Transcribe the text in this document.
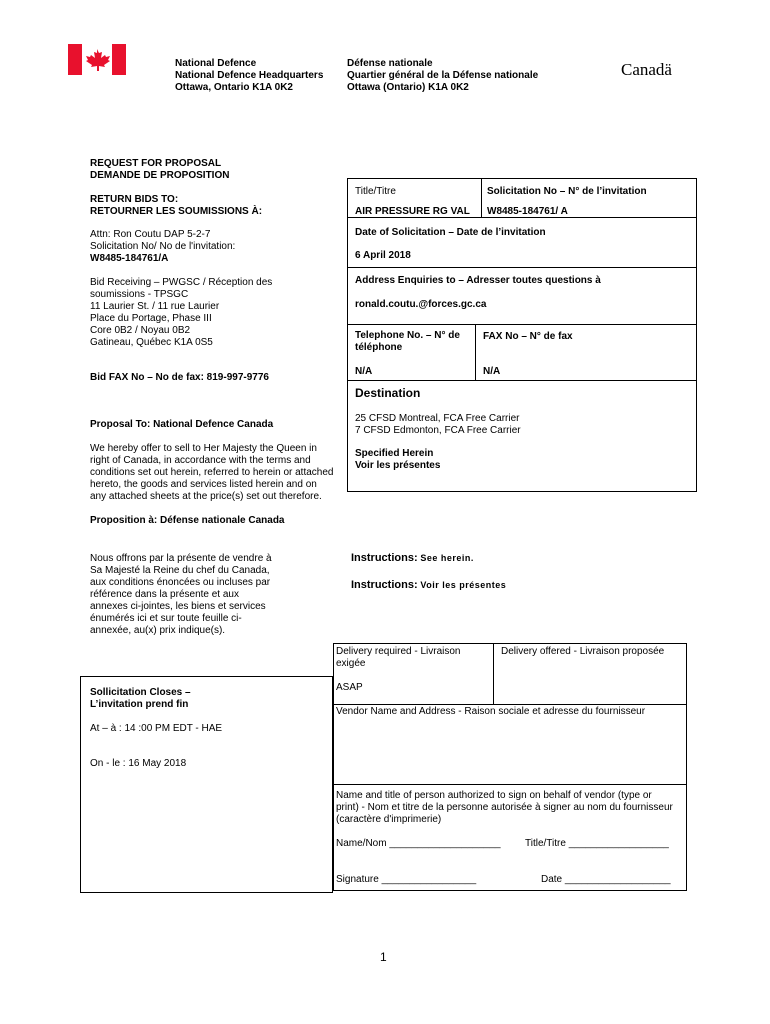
National Defence
National Defence Headquarters
Ottawa, Ontario K1A 0K2
Défense nationale
Quartier général de la Défense nationale
Ottawa (Ontario) K1A 0K2
Canadä
REQUEST FOR PROPOSAL
DEMANDE DE PROPOSITION
RETURN BIDS TO:
RETOURNER LES SOUMISSIONS À:
Attn: Ron Coutu DAP 5-2-7
Solicitation No/ No de l'invitation:
W8485-184761/A
Bid Receiving – PWGSC / Réception des
soumissions - TPSGC
11 Laurier St. / 11 rue Laurier
Place du Portage, Phase III
Core 0B2 / Noyau 0B2
Gatineau, Québec K1A 0S5
Bid FAX No – No de fax: 819-997-9776
Proposal To: National Defence Canada
We hereby offer to sell to Her Majesty the Queen in
right of Canada, in accordance with the terms and
conditions set out herein, referred to herein or attached
hereto, the goods and services listed herein and on
any attached sheets at the price(s) set out therefore.
Proposition à: Défense nationale Canada
Nous offrons par la présente de vendre à
Sa Majesté la Reine du chef du Canada,
aux conditions énoncées ou incluses par
référence dans la présente et aux
annexes ci-jointes, les biens et services
énumérés ici et sur toute feuille ci-
annexée, au(x) prix indique(s).
Title/Titre
AIR PRESSURE RG VAL
Solicitation No – N° de l’invitation
W8485-184761/ A
Date of Solicitation – Date de l’invitation
6 April 2018
Address Enquiries to – Adresser toutes questions à
ronald.coutu.@forces.gc.ca
Telephone No. – N° de
téléphone
FAX No – N° de fax
N/A	N/A
Destination
25 CFSD Montreal, FCA Free Carrier
7 CFSD Edmonton, FCA Free Carrier
Specified Herein
Voir les présentes
Instructions: See herein.
Instructions: Voir les présentes
Sollicitation Closes –
L’invitation prend fin
At – à : 14 :00 PM EDT - HAE
On - le : 16 May 2018
Delivery required - Livraison
exigée
Delivery offered - Livraison proposée
ASAP
Vendor Name and Address - Raison sociale et adresse du fournisseur
Name and title of person authorized to sign on behalf of vendor (type or
print) - Nom et titre de la personne autorisée à signer au nom du fournisseur
(caractère d'imprimerie)
Name/Nom ____________________ Title/Titre __________________
Signature _________________	Date ___________________
1
